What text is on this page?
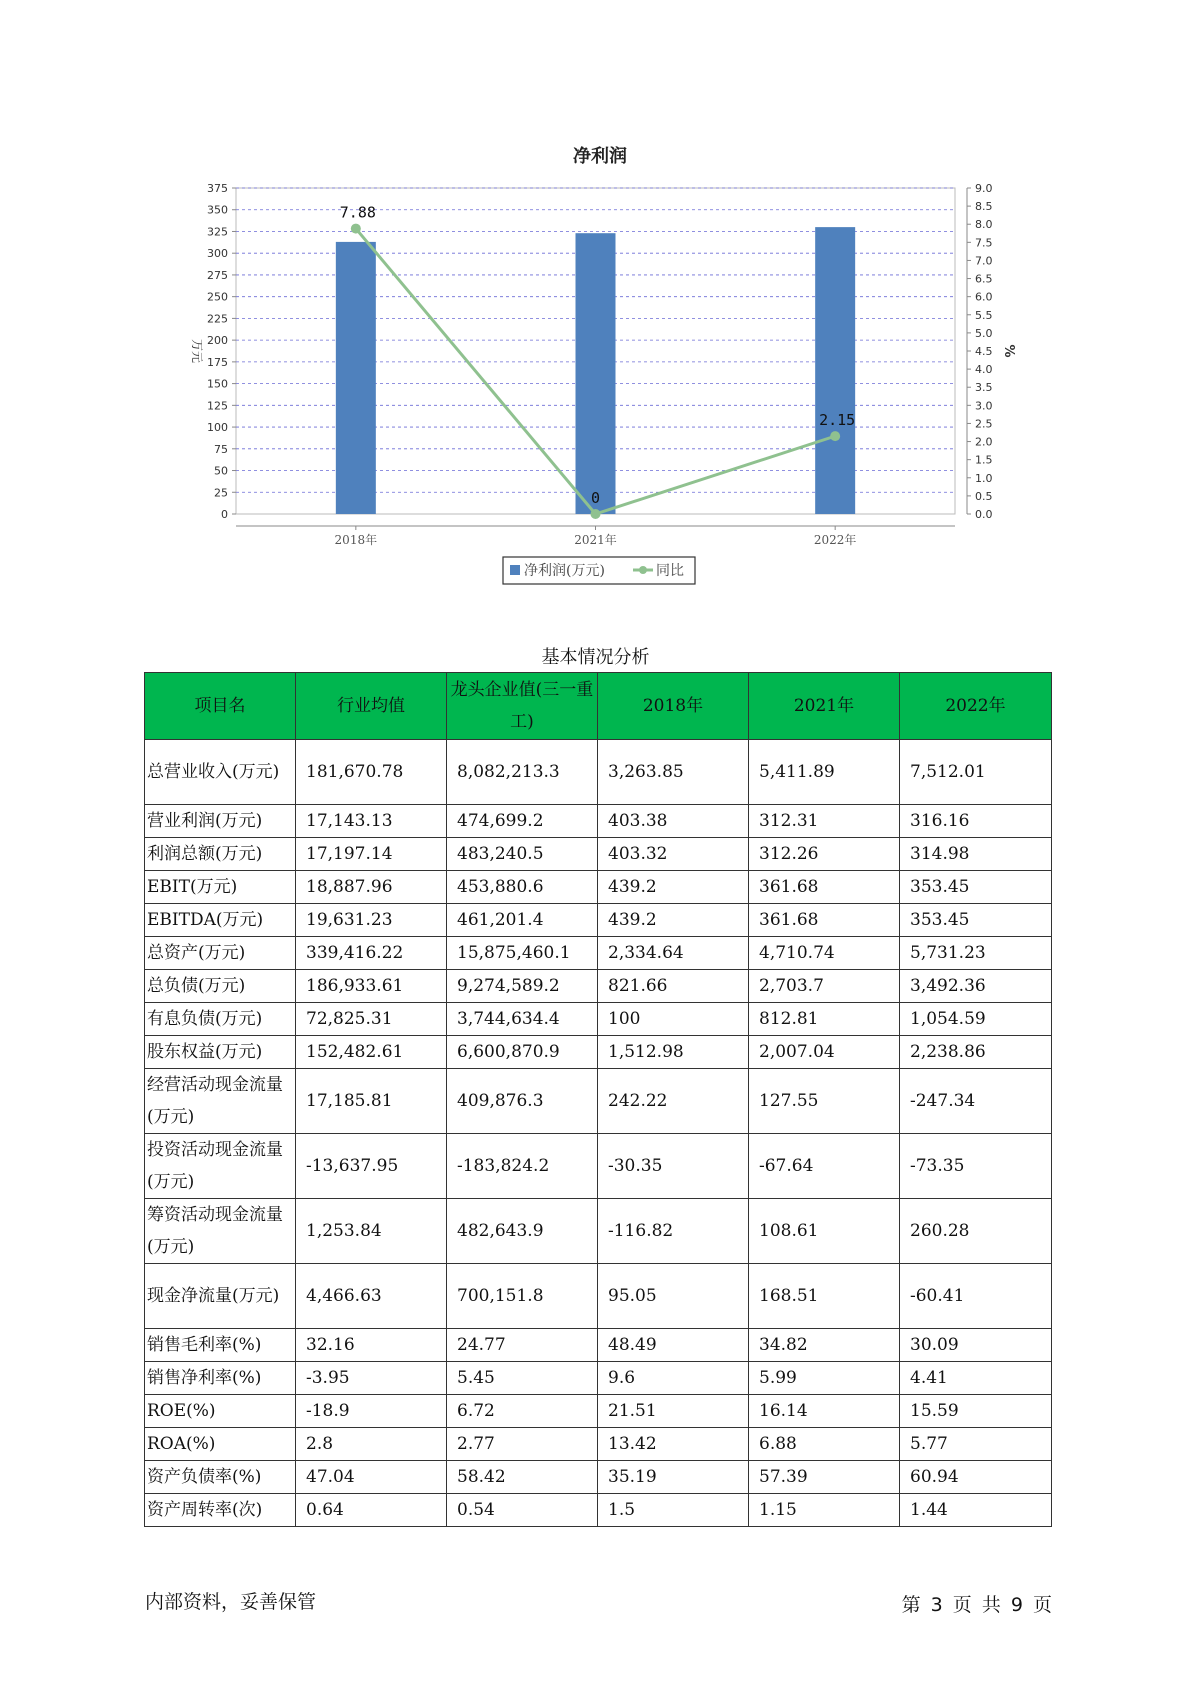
净利润
0
25
50
75
100
125
150
175
200
225
250
275
300
325
350
375
0.0
0.5
1.0
1.5
2.0
2.5
3.0
3.5
4.0
4.5
5.0
5.5
6.0
6.5
7.0
7.5
8.0
8.5
9.0
万元	%
2018年	2021年	2022年
7.88
0
2.15
净利润(万元)	同比
基本情况分析
项目名	行业均值	龙头企业值(三一重工)	2018年	2021年	2022年
总营业收入(万元)	181,670.78	8,082,213.3	3,263.85	5,411.89	7,512.01
营业利润(万元)	17,143.13	474,699.2	403.38	312.31	316.16
利润总额(万元)	17,197.14	483,240.5	403.32	312.26	314.98
EBIT(万元)	18,887.96	453,880.6	439.2	361.68	353.45
EBITDA(万元)	19,631.23	461,201.4	439.2	361.68	353.45
总资产(万元)	339,416.22	15,875,460.1	2,334.64	4,710.74	5,731.23
总负债(万元)	186,933.61	9,274,589.2	821.66	2,703.7	3,492.36
有息负债(万元)	72,825.31	3,744,634.4	100	812.81	1,054.59
股东权益(万元)	152,482.61	6,600,870.9	1,512.98	2,007.04	2,238.86
经营活动现金流量(万元)	17,185.81	409,876.3	242.22	127.55	-247.34
投资活动现金流量(万元)	-13,637.95	-183,824.2	-30.35	-67.64	-73.35
筹资活动现金流量(万元)	1,253.84	482,643.9	-116.82	108.61	260.28
现金净流量(万元)	4,466.63	700,151.8	95.05	168.51	-60.41
销售毛利率(%)	32.16	24.77	48.49	34.82	30.09
销售净利率(%)	-3.95	5.45	9.6	5.99	4.41
ROE(%)	-18.9	6.72	21.51	16.14	15.59
ROA(%)	2.8	2.77	13.42	6.88	5.77
资产负债率(%)	47.04	58.42	35.19	57.39	60.94
资产周转率(次)	0.64	0.54	1.5	1.15	1.44
内部资料，妥善保管	第 3 页 共 9 页
